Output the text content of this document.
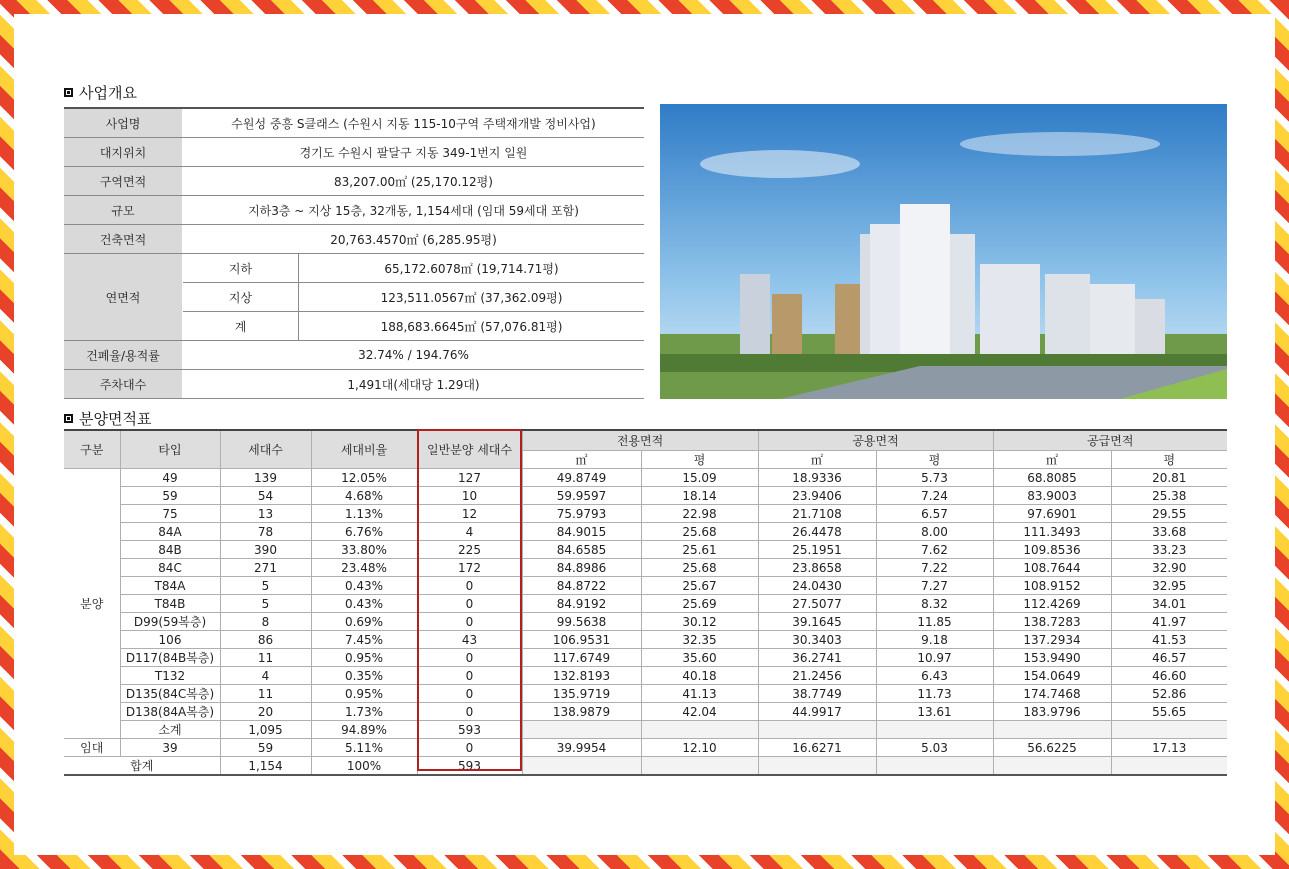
사업개요
사업명	수원성 중흥 S클래스 (수원시 지동 115-10구역 주택재개발 정비사업)	
대지위치	경기도 수원시 팔달구 지동 349-1번지 일원	
구역면적	83,207.00㎡ (25,170.12평)	
규모	지하3층 ~ 지상 15층, 32개동, 1,154세대 (임대 59세대 포함)	
건축면적	20,763.4570㎡ (6,285.95평)	
연면적	지하	65,172.6078㎡ (19,714.71평)
	지상	123,511.0567㎡ (37,362.09평)
	계	188,683.6645㎡ (57,076.81평)
건폐율/용적률	32.74% / 194.76%	
주차대수	1,491대(세대당 1.29대)	
분양면적표
구분	타입	세대수	세대비율	일반분양 세대수	전용면적		공용면적		공급면적	
					㎡	평	㎡	평	㎡	평
분양	49	139	12.05%	127	49.8749	15.09	18.9336	5.73	68.8085	20.81
	59	54	4.68%	10	59.9597	18.14	23.9406	7.24	83.9003	25.38
	75	13	1.13%	12	75.9793	22.98	21.7108	6.57	97.6901	29.55
	84A	78	6.76%	4	84.9015	25.68	26.4478	8.00	111.3493	33.68
	84B	390	33.80%	225	84.6585	25.61	25.1951	7.62	109.8536	33.23
	84C	271	23.48%	172	84.8986	25.68	23.8658	7.22	108.7644	32.90
	T84A	5	0.43%	0	84.8722	25.67	24.0430	7.27	108.9152	32.95
	T84B	5	0.43%	0	84.9192	25.69	27.5077	8.32	112.4269	34.01
	D99(59복층)	8	0.69%	0	99.5638	30.12	39.1645	11.85	138.7283	41.97
	106	86	7.45%	43	106.9531	32.35	30.3403	9.18	137.2934	41.53
	D117(84B복층)	11	0.95%	0	117.6749	35.60	36.2741	10.97	153.9490	46.57
	T132	4	0.35%	0	132.8193	40.18	21.2456	6.43	154.0649	46.60
	D135(84C복층)	11	0.95%	0	135.9719	41.13	38.7749	11.73	174.7468	52.86
	D138(84A복층)	20	1.73%	0	138.9879	42.04	44.9917	13.61	183.9796	55.65
	소계	1,095	94.89%	593						
임대	39	59	5.11%	0	39.9954	12.10	16.6271	5.03	56.6225	17.13
합계		1,154	100%	593						
